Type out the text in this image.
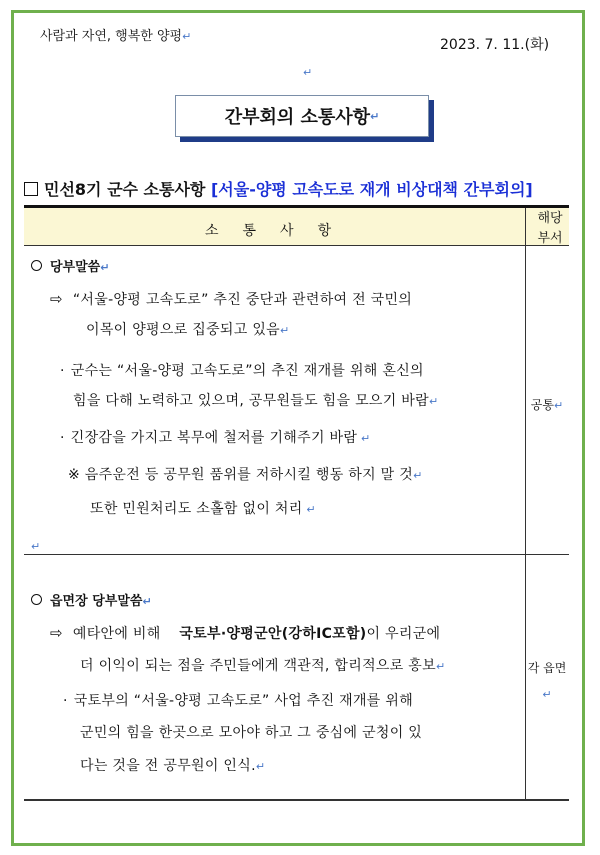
사람과 자연, 행복한 양평↵
2023. 7. 11.(화)
↵
간부회의 소통사항 ↵
민선8기 군수 소통사항 [서울-양평 고속도로 재개 비상대책 간부회의]
소통사항
해당 부서
당부말씀↵
⇨ “서울-양평 고속도로” 추진 중단과 관련하여 전 국민의
이목이 양평으로 집중되고 있음↵
· 군수는 “서울-양평 고속도로”의 추진 재개를 위해 혼신의
힘을 다해 노력하고 있으며, 공무원들도 힘을 모으기 바람↵
· 긴장감을 가지고 복무에 철저를 기해주기 바람 ↵
※ 음주운전 등 공무원 품위를 저하시킬 행동 하지 말 것↵
또한 민원처리도 소홀함 없이 처리 ↵
↵
공통↵
읍면장 당부말씀↵
⇨ 예타안에 비해 국토부·양평군안(강하IC포함)이 우리군에
더 이익이 되는 점을 주민들에게 객관적, 합리적으로 홍보↵
· 국토부의 “서울-양평 고속도로” 사업 추진 재개를 위해
군민의 힘을 한곳으로 모아야 하고 그 중심에 군청이 있
다는 것을 전 공무원이 인식.↵
각 읍면↵
